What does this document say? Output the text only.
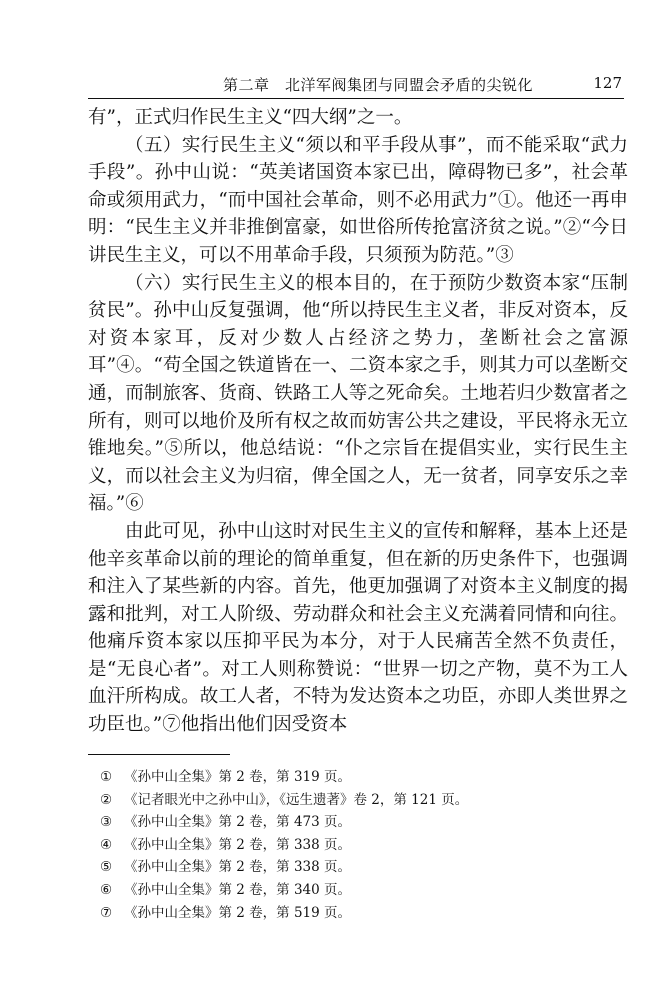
第二章　北洋军阀集团与同盟会矛盾的尖锐化	127

有”，正式归作民生主义“四大纲”之一。

（五）实行民生主义“须以和平手段从事”，而不能采取“武力手段”。孙中山说：“英美诸国资本家已出，障碍物已多”，社会革命或须用武力，“而中国社会革命，则不必用武力”①。他还一再申明：“民生主义并非推倒富豪，如世俗所传抢富济贫之说。”②“今日讲民生主义，可以不用革命手段，只须预为防范。”③

（六）实行民生主义的根本目的，在于预防少数资本家“压制贫民”。孙中山反复强调，他“所以持民生主义者，非反对资本，反对资本家耳，反对少数人占经济之势力，垄断社会之富源耳”④。“苟全国之铁道皆在一、二资本家之手，则其力可以垄断交通，而制旅客、货商、铁路工人等之死命矣。土地若归少数富者之所有，则可以地价及所有权之故而妨害公共之建设，平民将永无立锥地矣。”⑤所以，他总结说：“仆之宗旨在提倡实业，实行民生主义，而以社会主义为归宿，俾全国之人，无一贫者，同享安乐之幸福。”⑥

由此可见，孙中山这时对民生主义的宣传和解释，基本上还是他辛亥革命以前的理论的简单重复，但在新的历史条件下，也强调和注入了某些新的内容。首先，他更加强调了对资本主义制度的揭露和批判，对工人阶级、劳动群众和社会主义充满着同情和向往。他痛斥资本家以压抑平民为本分，对于人民痛苦全然不负责任，是“无良心者”。对工人则称赞说：“世界一切之产物，莫不为工人血汗所构成。故工人者，不特为发达资本之功臣，亦即人类世界之功臣也。”⑦他指出他们因受资本

① 《孙中山全集》第 2 卷，第 319 页。
② 《记者眼光中之孙中山》，《远生遗著》卷 2，第 121 页。
③ 《孙中山全集》第 2 卷，第 473 页。
④ 《孙中山全集》第 2 卷，第 338 页。
⑤ 《孙中山全集》第 2 卷，第 338 页。
⑥ 《孙中山全集》第 2 卷，第 340 页。
⑦ 《孙中山全集》第 2 卷，第 519 页。
